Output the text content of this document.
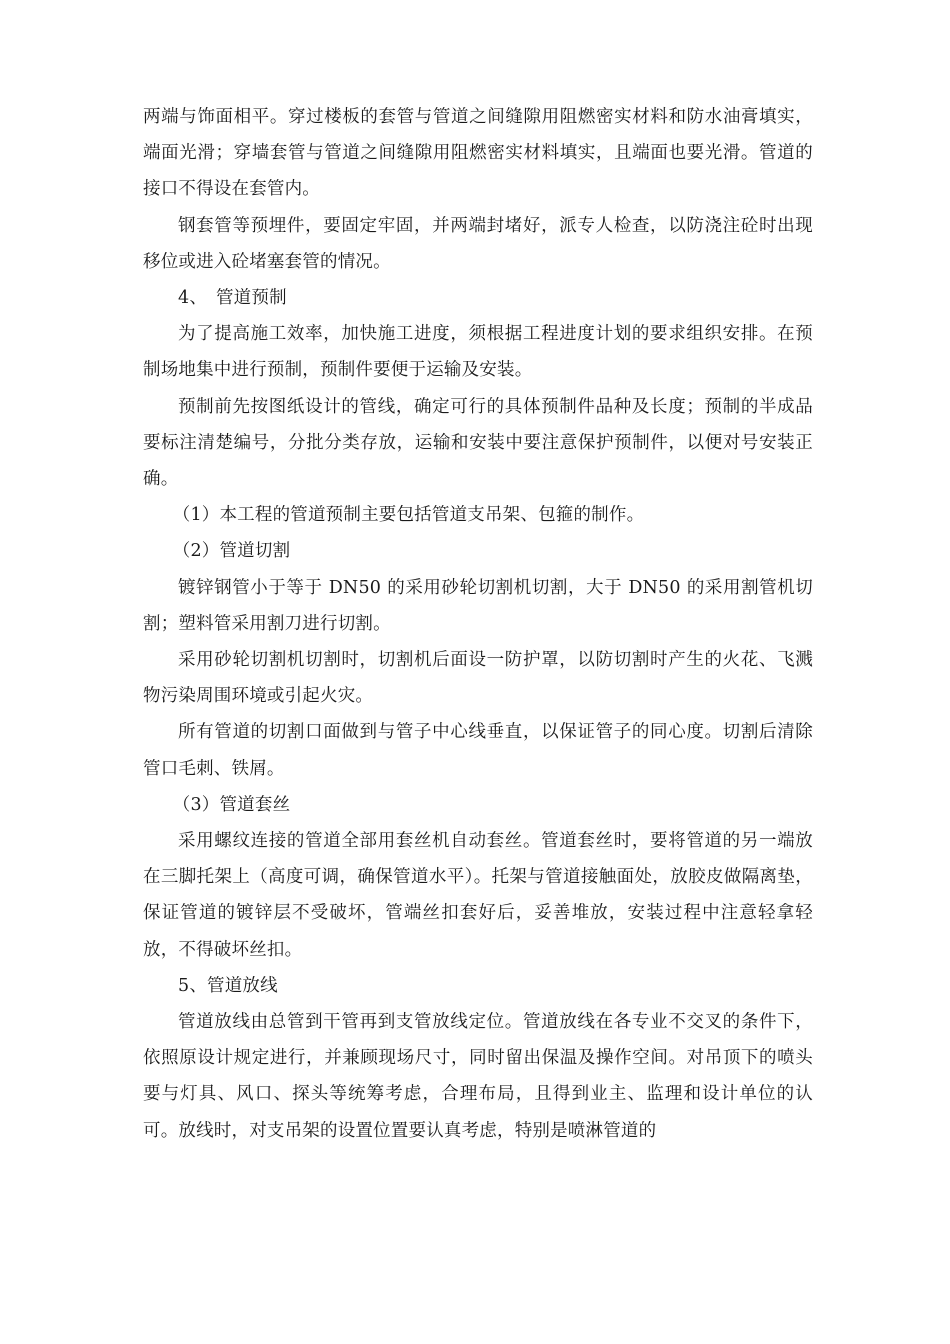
两端与饰面相平。穿过楼板的套管与管道之间缝隙用阻燃密实材料和防水油膏填实，端面光滑；穿墙套管与管道之间缝隙用阻燃密实材料填实，且端面也要光滑。管道的接口不得设在套管内。

钢套管等预埋件，要固定牢固，并两端封堵好，派专人检查，以防浇注砼时出现移位或进入砼堵塞套管的情况。

4、　管道预制

为了提高施工效率，加快施工进度，须根据工程进度计划的要求组织安排。在预制场地集中进行预制，预制件要便于运输及安装。

预制前先按图纸设计的管线，确定可行的具体预制件品种及长度；预制的半成品要标注清楚编号，分批分类存放，运输和安装中要注意保护预制件，以便对号安装正确。

（1）本工程的管道预制主要包括管道支吊架、包箍的制作。

（2）管道切割

镀锌钢管小于等于 DN50 的采用砂轮切割机切割，大于 DN50 的采用割管机切割；塑料管采用割刀进行切割。

采用砂轮切割机切割时，切割机后面设一防护罩，以防切割时产生的火花、飞溅物污染周围环境或引起火灾。

所有管道的切割口面做到与管子中心线垂直，以保证管子的同心度。切割后清除管口毛刺、铁屑。

（3）管道套丝

采用螺纹连接的管道全部用套丝机自动套丝。管道套丝时，要将管道的另一端放在三脚托架上（高度可调，确保管道水平）。托架与管道接触面处，放胶皮做隔离垫，保证管道的镀锌层不受破坏，管端丝扣套好后，妥善堆放，安装过程中注意轻拿轻放，不得破坏丝扣。

5、管道放线

管道放线由总管到干管再到支管放线定位。管道放线在各专业不交叉的条件下，依照原设计规定进行，并兼顾现场尺寸，同时留出保温及操作空间。对吊顶下的喷头要与灯具、风口、探头等统筹考虑，合理布局，且得到业主、监理和设计单位的认可。放线时，对支吊架的设置位置要认真考虑，特别是喷淋管道的
